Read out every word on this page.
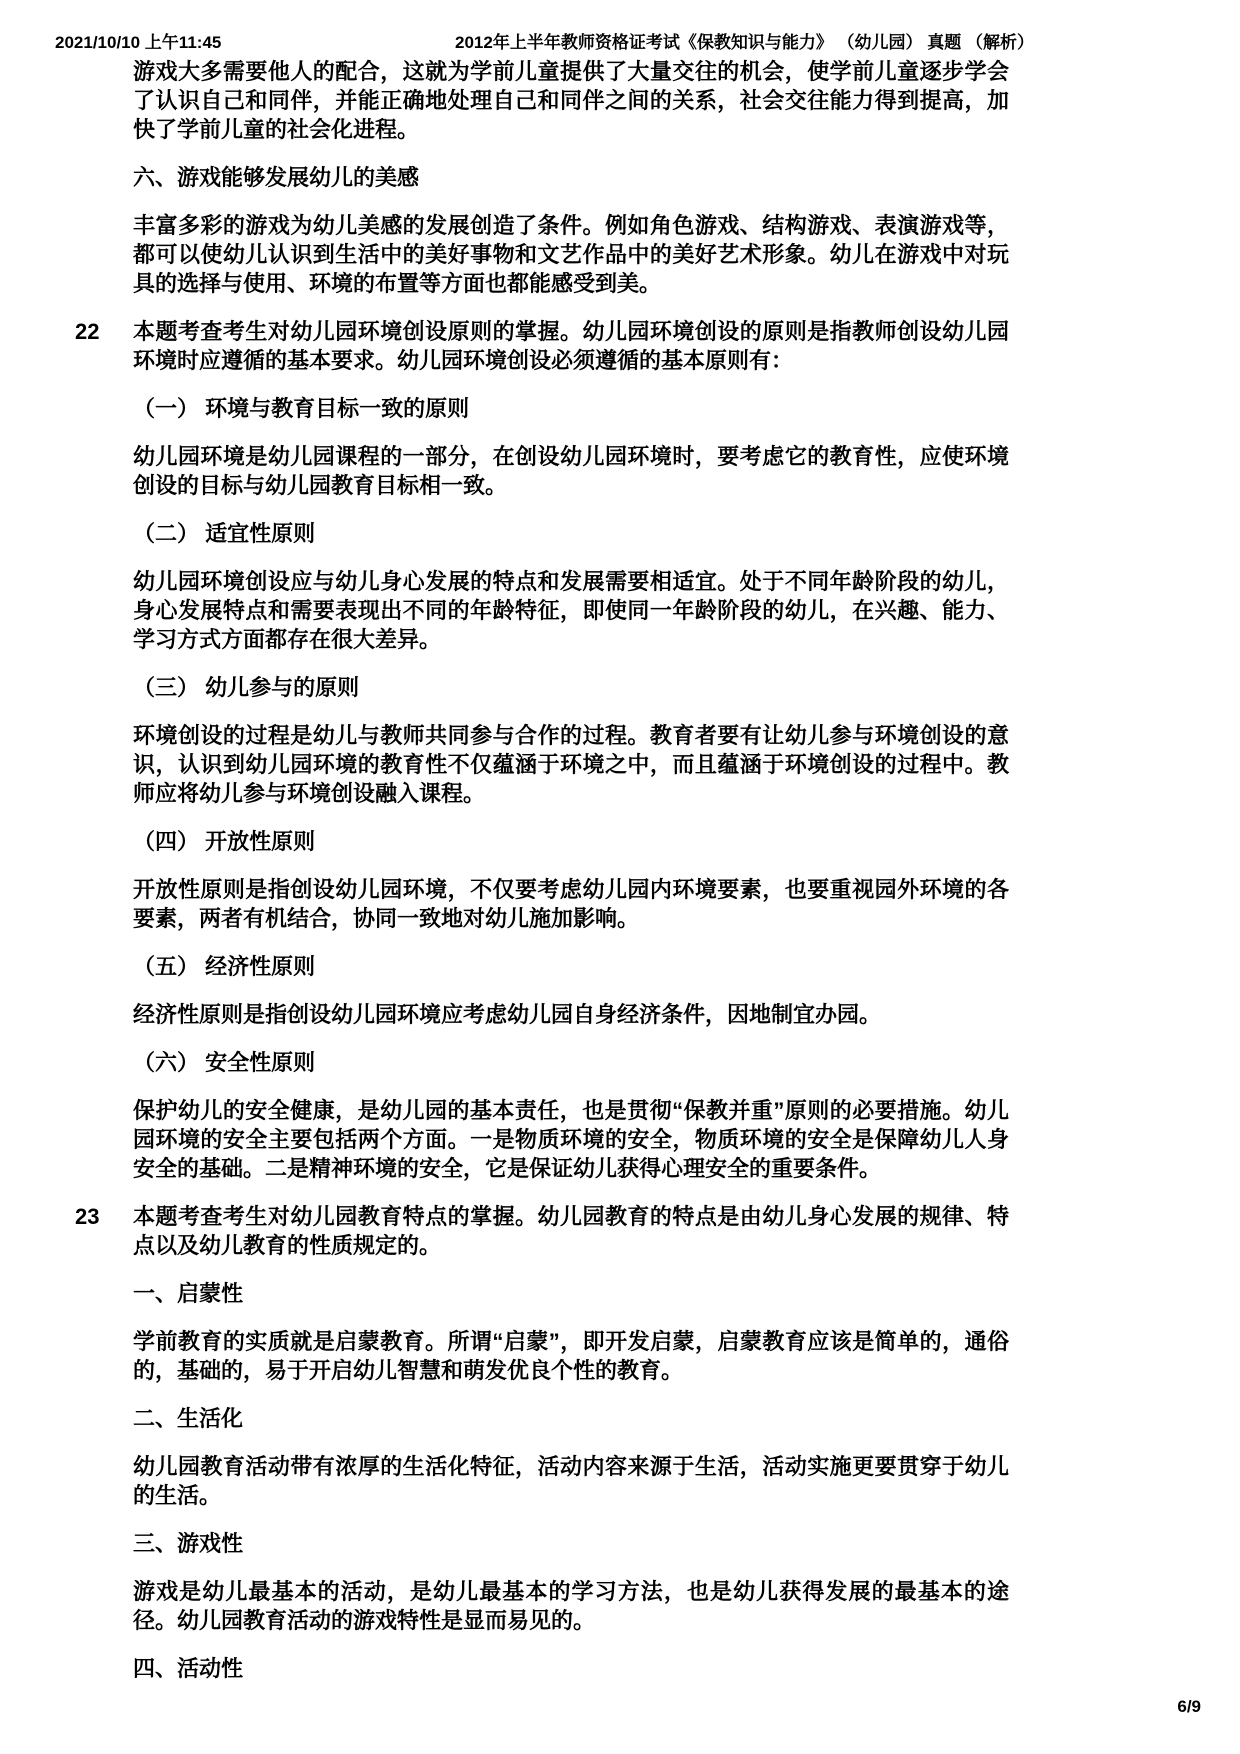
2021/10/10 上午11:45	2012年上半年教师资格证考试《保教知识与能力》 （幼儿园） 真题 （解析）

游戏大多需要他人的配合，这就为学前儿童提供了大量交往的机会，使学前儿童逐步学会了认识自己和同伴，并能正确地处理自己和同伴之间的关系，社会交往能力得到提高，加快了学前儿童的社会化进程。

六、游戏能够发展幼儿的美感

丰富多彩的游戏为幼儿美感的发展创造了条件。例如角色游戏、结构游戏、表演游戏等，都可以使幼儿认识到生活中的美好事物和文艺作品中的美好艺术形象。幼儿在游戏中对玩具的选择与使用、环境的布置等方面也都能感受到美。

22 本题考查考生对幼儿园环境创设原则的掌握。幼儿园环境创设的原则是指教师创设幼儿园环境时应遵循的基本要求。幼儿园环境创设必须遵循的基本原则有：

（一） 环境与教育目标一致的原则

幼儿园环境是幼儿园课程的一部分，在创设幼儿园环境时，要考虑它的教育性，应使环境创设的目标与幼儿园教育目标相一致。

（二） 适宜性原则

幼儿园环境创设应与幼儿身心发展的特点和发展需要相适宜。处于不同年龄阶段的幼儿，身心发展特点和需要表现出不同的年龄特征，即使同一年龄阶段的幼儿，在兴趣、能力、学习方式方面都存在很大差异。

（三） 幼儿参与的原则

环境创设的过程是幼儿与教师共同参与合作的过程。教育者要有让幼儿参与环境创设的意识，认识到幼儿园环境的教育性不仅蕴涵于环境之中，而且蕴涵于环境创设的过程中。教师应将幼儿参与环境创设融入课程。

（四） 开放性原则

开放性原则是指创设幼儿园环境，不仅要考虑幼儿园内环境要素，也要重视园外环境的各要素，两者有机结合，协同一致地对幼儿施加影响。

（五） 经济性原则

经济性原则是指创设幼儿园环境应考虑幼儿园自身经济条件，因地制宜办园。

（六） 安全性原则

保护幼儿的安全健康，是幼儿园的基本责任，也是贯彻“保教并重”原则的必要措施。幼儿园环境的安全主要包括两个方面。一是物质环境的安全，物质环境的安全是保障幼儿人身安全的基础。二是精神环境的安全，它是保证幼儿获得心理安全的重要条件。

23 本题考查考生对幼儿园教育特点的掌握。幼儿园教育的特点是由幼儿身心发展的规律、特点以及幼儿教育的性质规定的。

一、启蒙性

学前教育的实质就是启蒙教育。所谓“启蒙”，即开发启蒙，启蒙教育应该是简单的，通俗的，基础的，易于开启幼儿智慧和萌发优良个性的教育。

二、生活化

幼儿园教育活动带有浓厚的生活化特征，活动内容来源于生活，活动实施更要贯穿于幼儿的生活。

三、游戏性

游戏是幼儿最基本的活动，是幼儿最基本的学习方法，也是幼儿获得发展的最基本的途径。幼儿园教育活动的游戏特性是显而易见的。

四、活动性

6/9
